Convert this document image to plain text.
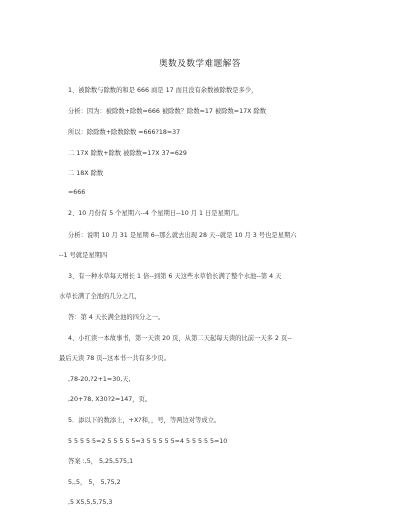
奥数及数学难题解答
1、被除数与除数的和是 666 商是 17 而且没有余数被除数是多少，
分析：因为：被除数+除数=666 被除数？除数=17 被除数=17X 除数
所以：除除数+除数除数 =666?18=37
二 17X 除数+除数 被除数=17X 37=629
二 18X 除数
=666
2、10 月份有 5 个星期六--4 个星期日--10 月 1 日是星期几。
分析：说明 10 月 31 是星期 6--那么就去出现 28 天--就是 10 月 3 号也是星期六
--1 号就是星期四
3、有一种水草每天增长 1 倍--到第 6 天这些水草恰长满了整个水池--第 4 天
水草长满了全池的几分之几，
答：第 4 天长满全池的四分之一。
4、小红读一本故事书，第一天读 20 页，从第二天起每天读的比前一天多 2 页--
最后天读 78 页--这本书一共有多少页。
,78-20,?2+1=30,天,
,20+78, X30?2=147，页。
5．添以下的数添上，+X?和，，号，等两边对等成立。
5 5 5 5 5=2 5 5 5 5 5=3 5 5 5 5 5=4 5 5 5 5 5=10
答案 :,5， 5,25,575,1
5,,5， 5， 5,75,2
,5 X5,5,5,75,3
